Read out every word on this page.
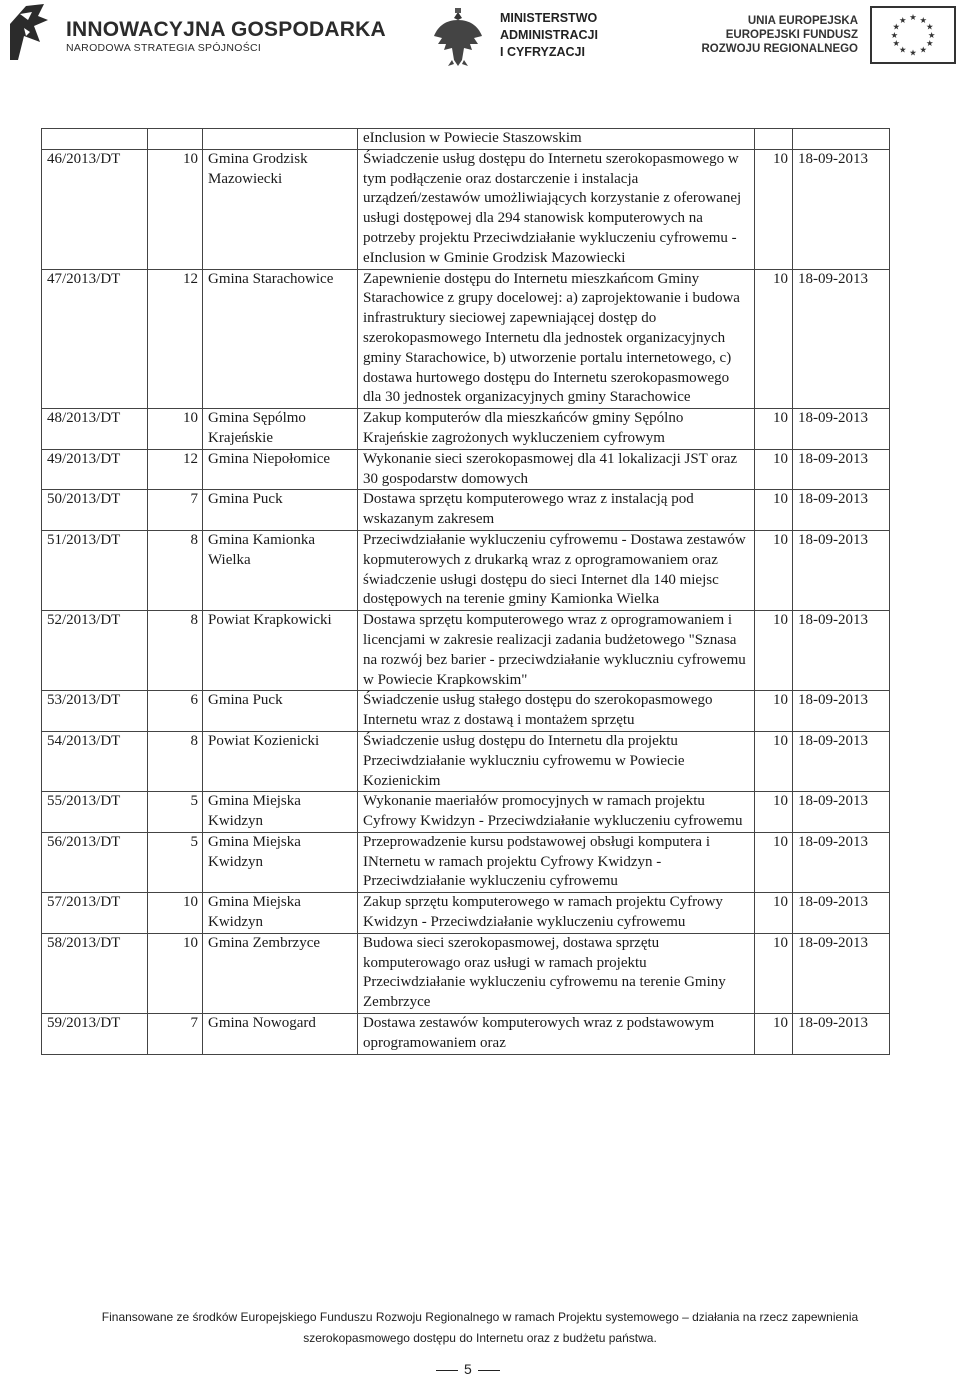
INNOWACYJNA GOSPODARKA
NARODOWA STRATEGIA SPÓJNOŚCI
MINISTERSTWO
ADMINISTRACJI
I CYFRYZACJI
UNIA EUROPEJSKA
EUROPEJSKI FUNDUSZ
ROZWOJU REGIONALNEGO
★ ★
★
★
★
★
★
★
★
★
★
★
			eInclusion w Powiecie Staszowskim		
46/2013/DT	10	Gmina Grodzisk Mazowiecki	Świadczenie usług dostępu do Internetu szerokopasmowego w tym podłączenie oraz dostarczenie i instalacja urządzeń/zestawów umożliwiających korzystanie z oferowanej usługi dostępowej dla 294 stanowisk komputerowych na potrzeby projektu Przeciwdziałanie wykluczeniu cyfrowemu - eInclusion w Gminie Grodzisk Mazowiecki	10	18-09-2013
47/2013/DT	12	Gmina Starachowice	Zapewnienie dostępu do Internetu mieszkańcom Gminy Starachowice z grupy docelowej: a) zaprojektowanie i budowa infrastruktury sieciowej zapewniającej dostęp do szerokopasmowego Internetu dla jednostek organizacyjnych gminy Starachowice, b) utworzenie portalu internetowego, c) dostawa hurtowego dostępu do Internetu szerokopasmowego dla 30 jednostek organizacyjnych gminy Starachowice	10	18-09-2013
48/2013/DT	10	Gmina Sępólmo Krajeńskie	Zakup komputerów dla mieszkańców gminy Sępólno Krajeńskie zagrożonych wykluczeniem cyfrowym	10	18-09-2013
49/2013/DT	12	Gmina Niepołomice	Wykonanie sieci szerokopasmowej dla 41 lokalizacji JST oraz 30 gospodarstw domowych	10	18-09-2013
50/2013/DT	7	Gmina Puck	Dostawa sprzętu komputerowego wraz z instalacją pod wskazanym zakresem	10	18-09-2013
51/2013/DT	8	Gmina Kamionka Wielka	Przeciwdziałanie wykluczeniu cyfrowemu - Dostawa zestawów kopmuterowych z drukarką wraz z oprogramowaniem oraz świadczenie usługi dostępu do sieci Internet dla 140 miejsc dostępowych na terenie gminy Kamionka Wielka	10	18-09-2013
52/2013/DT	8	Powiat Krapkowicki	Dostawa sprzętu komputerowego wraz z oprogramowaniem i licencjami w zakresie realizacji zadania budżetowego "Sznasa na rozwój bez barier - przeciwdziałanie wykluczniu cyfrowemu w Powiecie Krapkowskim"	10	18-09-2013
53/2013/DT	6	Gmina Puck	Świadczenie usług stałego dostępu do szerokopasmowego Internetu wraz z dostawą i montażem sprzętu	10	18-09-2013
54/2013/DT	8	Powiat Kozienicki	Świadczenie usług dostępu do Internetu dla projektu Przeciwdziałanie wykluczniu cyfrowemu w Powiecie Kozienickim	10	18-09-2013
55/2013/DT	5	Gmina Miejska Kwidzyn	Wykonanie maeriałów promocyjnych w ramach projektu Cyfrowy Kwidzyn - Przeciwdziałanie wykluczeniu cyfrowemu	10	18-09-2013
56/2013/DT	5	Gmina Miejska Kwidzyn	Przeprowadzenie kursu podstawowej obsługi komputera i INternetu w ramach projektu Cyfrowy Kwidzyn - Przeciwdziałanie wykluczeniu cyfrowemu	10	18-09-2013
57/2013/DT	10	Gmina Miejska Kwidzyn	Zakup sprzętu komputerowego w ramach projektu Cyfrowy Kwidzyn - Przeciwdziałanie wykluczeniu cyfrowemu	10	18-09-2013
58/2013/DT	10	Gmina Zembrzyce	Budowa sieci szerokopasmowej, dostawa sprzętu komputerowago oraz usługi w ramach projektu Przeciwdziałanie wykluczeniu cyfrowemu na terenie Gminy Zembrzyce	10	18-09-2013
59/2013/DT	7	Gmina Nowogard	Dostawa zestawów komputerowych wraz z podstawowym oprogramowaniem oraz	10	18-09-2013
Finansowane ze środków Europejskiego Funduszu Rozwoju Regionalnego w ramach Projektu systemowego – działania na rzecz zapewnienia
szerokopasmowego dostępu do Internetu oraz z budżetu państwa.
5
